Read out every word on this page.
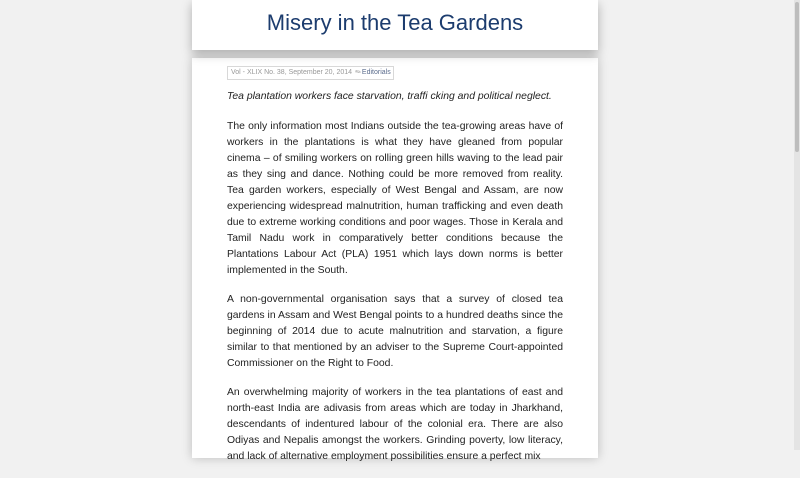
Misery in the Tea Gardens
Vol - XLIX No. 38, September 20, 2014 ✎Editorials

Tea plantation workers face starvation, traffi cking and political neglect.

The only information most Indians outside the tea-growing areas have of workers in the plantations is what they have gleaned from popular cinema – of smiling workers on rolling green hills waving to the lead pair as they sing and dance. Nothing could be more removed from reality. Tea garden workers, especially of West Bengal and Assam, are now experiencing widespread malnutrition, human trafficking and even death due to extreme working conditions and poor wages. Those in Kerala and Tamil Nadu work in comparatively better conditions because the Plantations Labour Act (PLA) 1951 which lays down norms is better implemented in the South.

A non-governmental organisation says that a survey of closed tea gardens in Assam and West Bengal points to a hundred deaths since the beginning of 2014 due to acute malnutrition and starvation, a figure similar to that mentioned by an adviser to the Supreme Court-appointed Commissioner on the Right to Food.

An overwhelming majority of workers in the tea plantations of east and north-east India are adivasis from areas which are today in Jharkhand, descendants of indentured labour of the colonial era. There are also Odiyas and Nepalis amongst the workers. Grinding poverty, low literacy, and lack of alternative employment possibilities ensure a perfect mix
